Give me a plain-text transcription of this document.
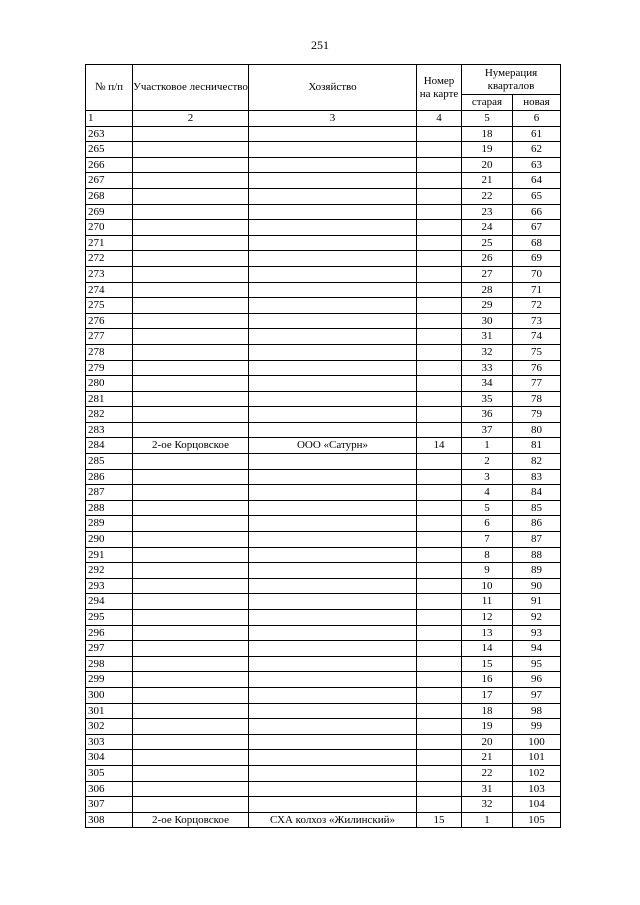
251
№ п/п	Участковое лесничество	Хозяйство	Номер на карте	Нумерация кварталов	
				старая	новая
1	2	3	4	5	6
263				18	61
265				19	62
266				20	63
267				21	64
268				22	65
269				23	66
270				24	67
271				25	68
272				26	69
273				27	70
274				28	71
275				29	72
276				30	73
277				31	74
278				32	75
279				33	76
280				34	77
281				35	78
282				36	79
283				37	80
284	2-ое Корцовское	ООО «Сатурн»	14	1	81
285				2	82
286				3	83
287				4	84
288				5	85
289				6	86
290				7	87
291				8	88
292				9	89
293				10	90
294				11	91
295				12	92
296				13	93
297				14	94
298				15	95
299				16	96
300				17	97
301				18	98
302				19	99
303				20	100
304				21	101
305				22	102
306				31	103
307				32	104
308	2-ое Корцовское	СХА колхоз «Жилинский»	15	1	105
